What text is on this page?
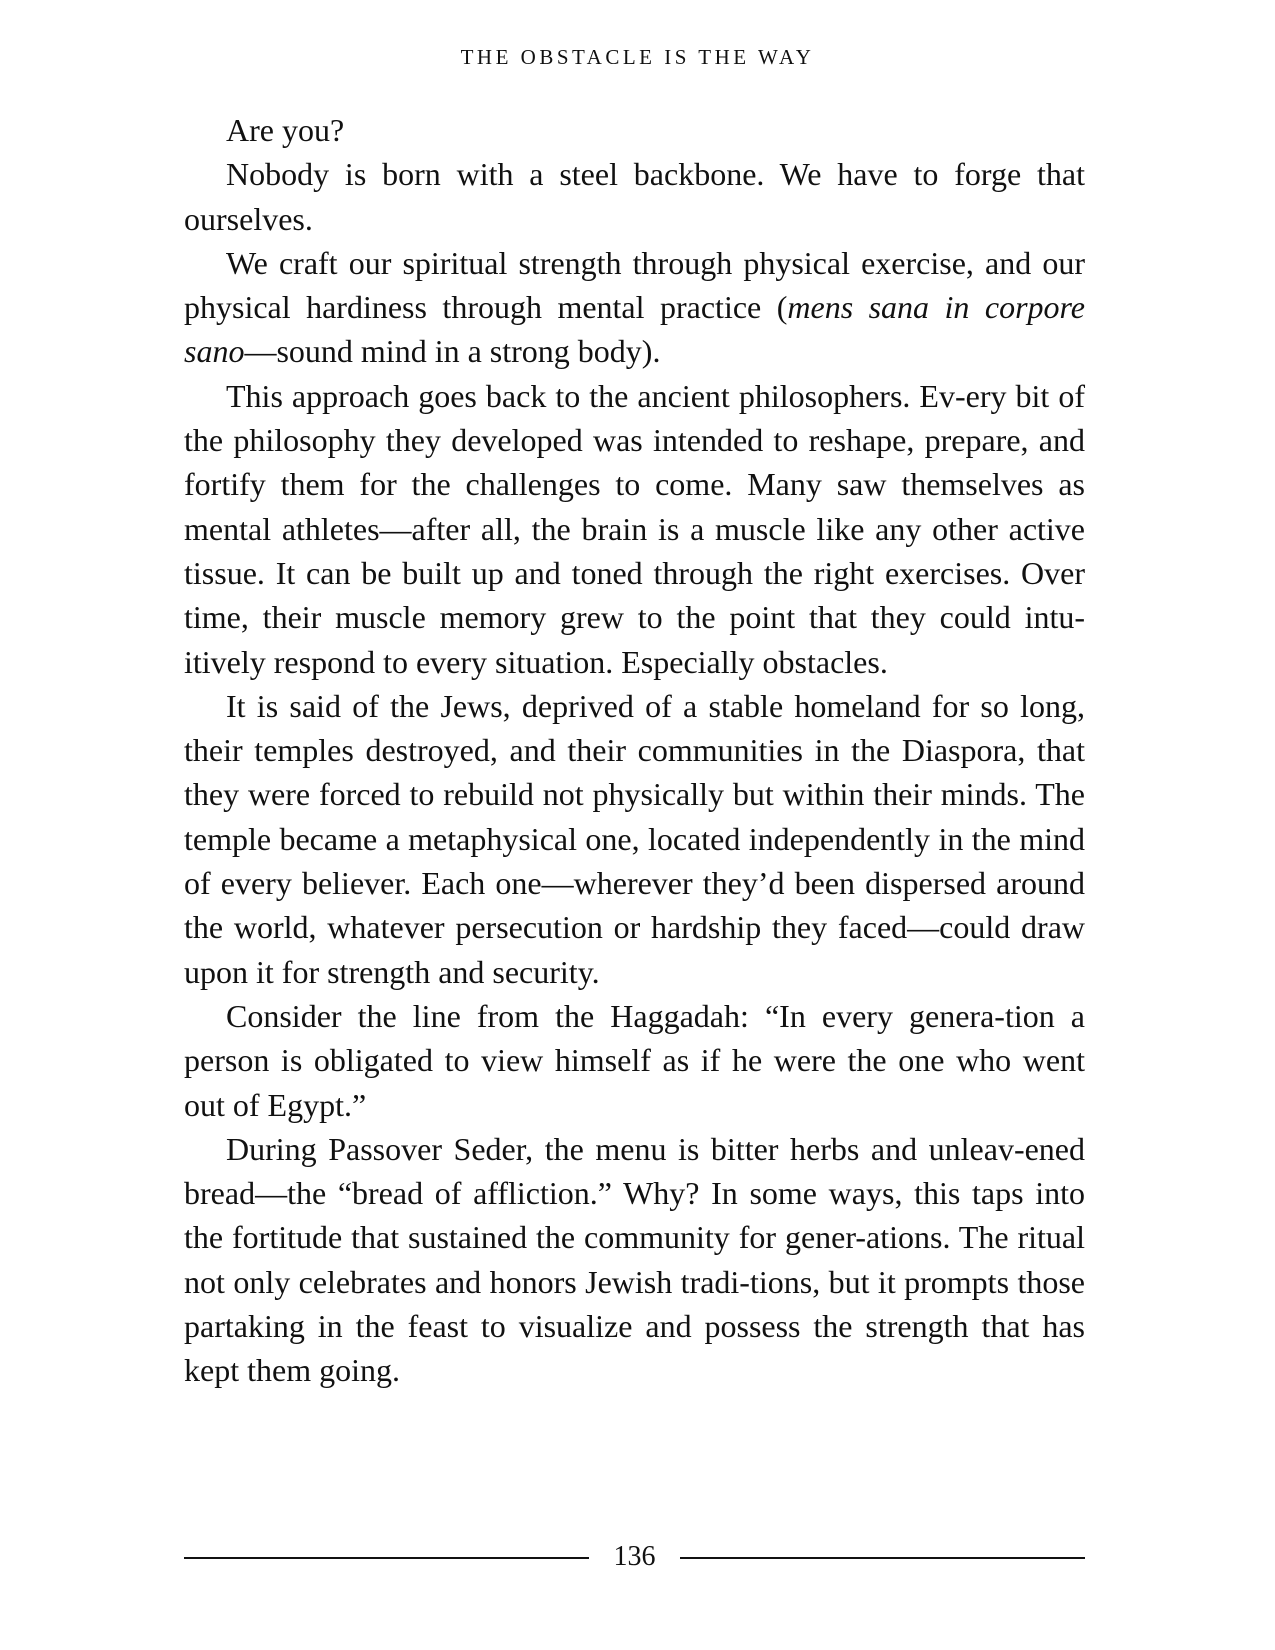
THE OBSTACLE IS THE WAY

Are you?

Nobody is born with a steel backbone. We have to forge that ourselves.

We craft our spiritual strength through physical exercise, and our physical hardiness through mental practice (mens sana in corpore sano—sound mind in a strong body).

This approach goes back to the ancient philosophers. Ev-​ery bit of the philosophy they developed was intended to reshape, prepare, and fortify them for the challenges to come. Many saw themselves as mental athletes—after all, the brain is a muscle like any other active tissue. It can be built up and toned through the right exercises. Over time, their muscle memory grew to the point that they could intu-​itively respond to every situation. Especially obstacles.

It is said of the Jews, deprived of a stable homeland for so long, their temples destroyed, and their communities in the Diaspora, that they were forced to rebuild not physically but within their minds. The temple became a metaphysical one, located independently in the mind of every believer. Each one—wherever they’d been dispersed around the world, whatever persecution or hardship they faced—could draw upon it for strength and security.

Consider the line from the Haggadah: “In every genera-​tion a person is obligated to view himself as if he were the one who went out of Egypt.”

During Passover Seder, the menu is bitter herbs and unleav-​ened bread—the “bread of affliction.” Why? In some ways, this taps into the fortitude that sustained the community for gener-​ations. The ritual not only celebrates and honors Jewish tradi-​tions, but it prompts those partaking in the feast to visualize and possess the strength that has kept them going.

136
